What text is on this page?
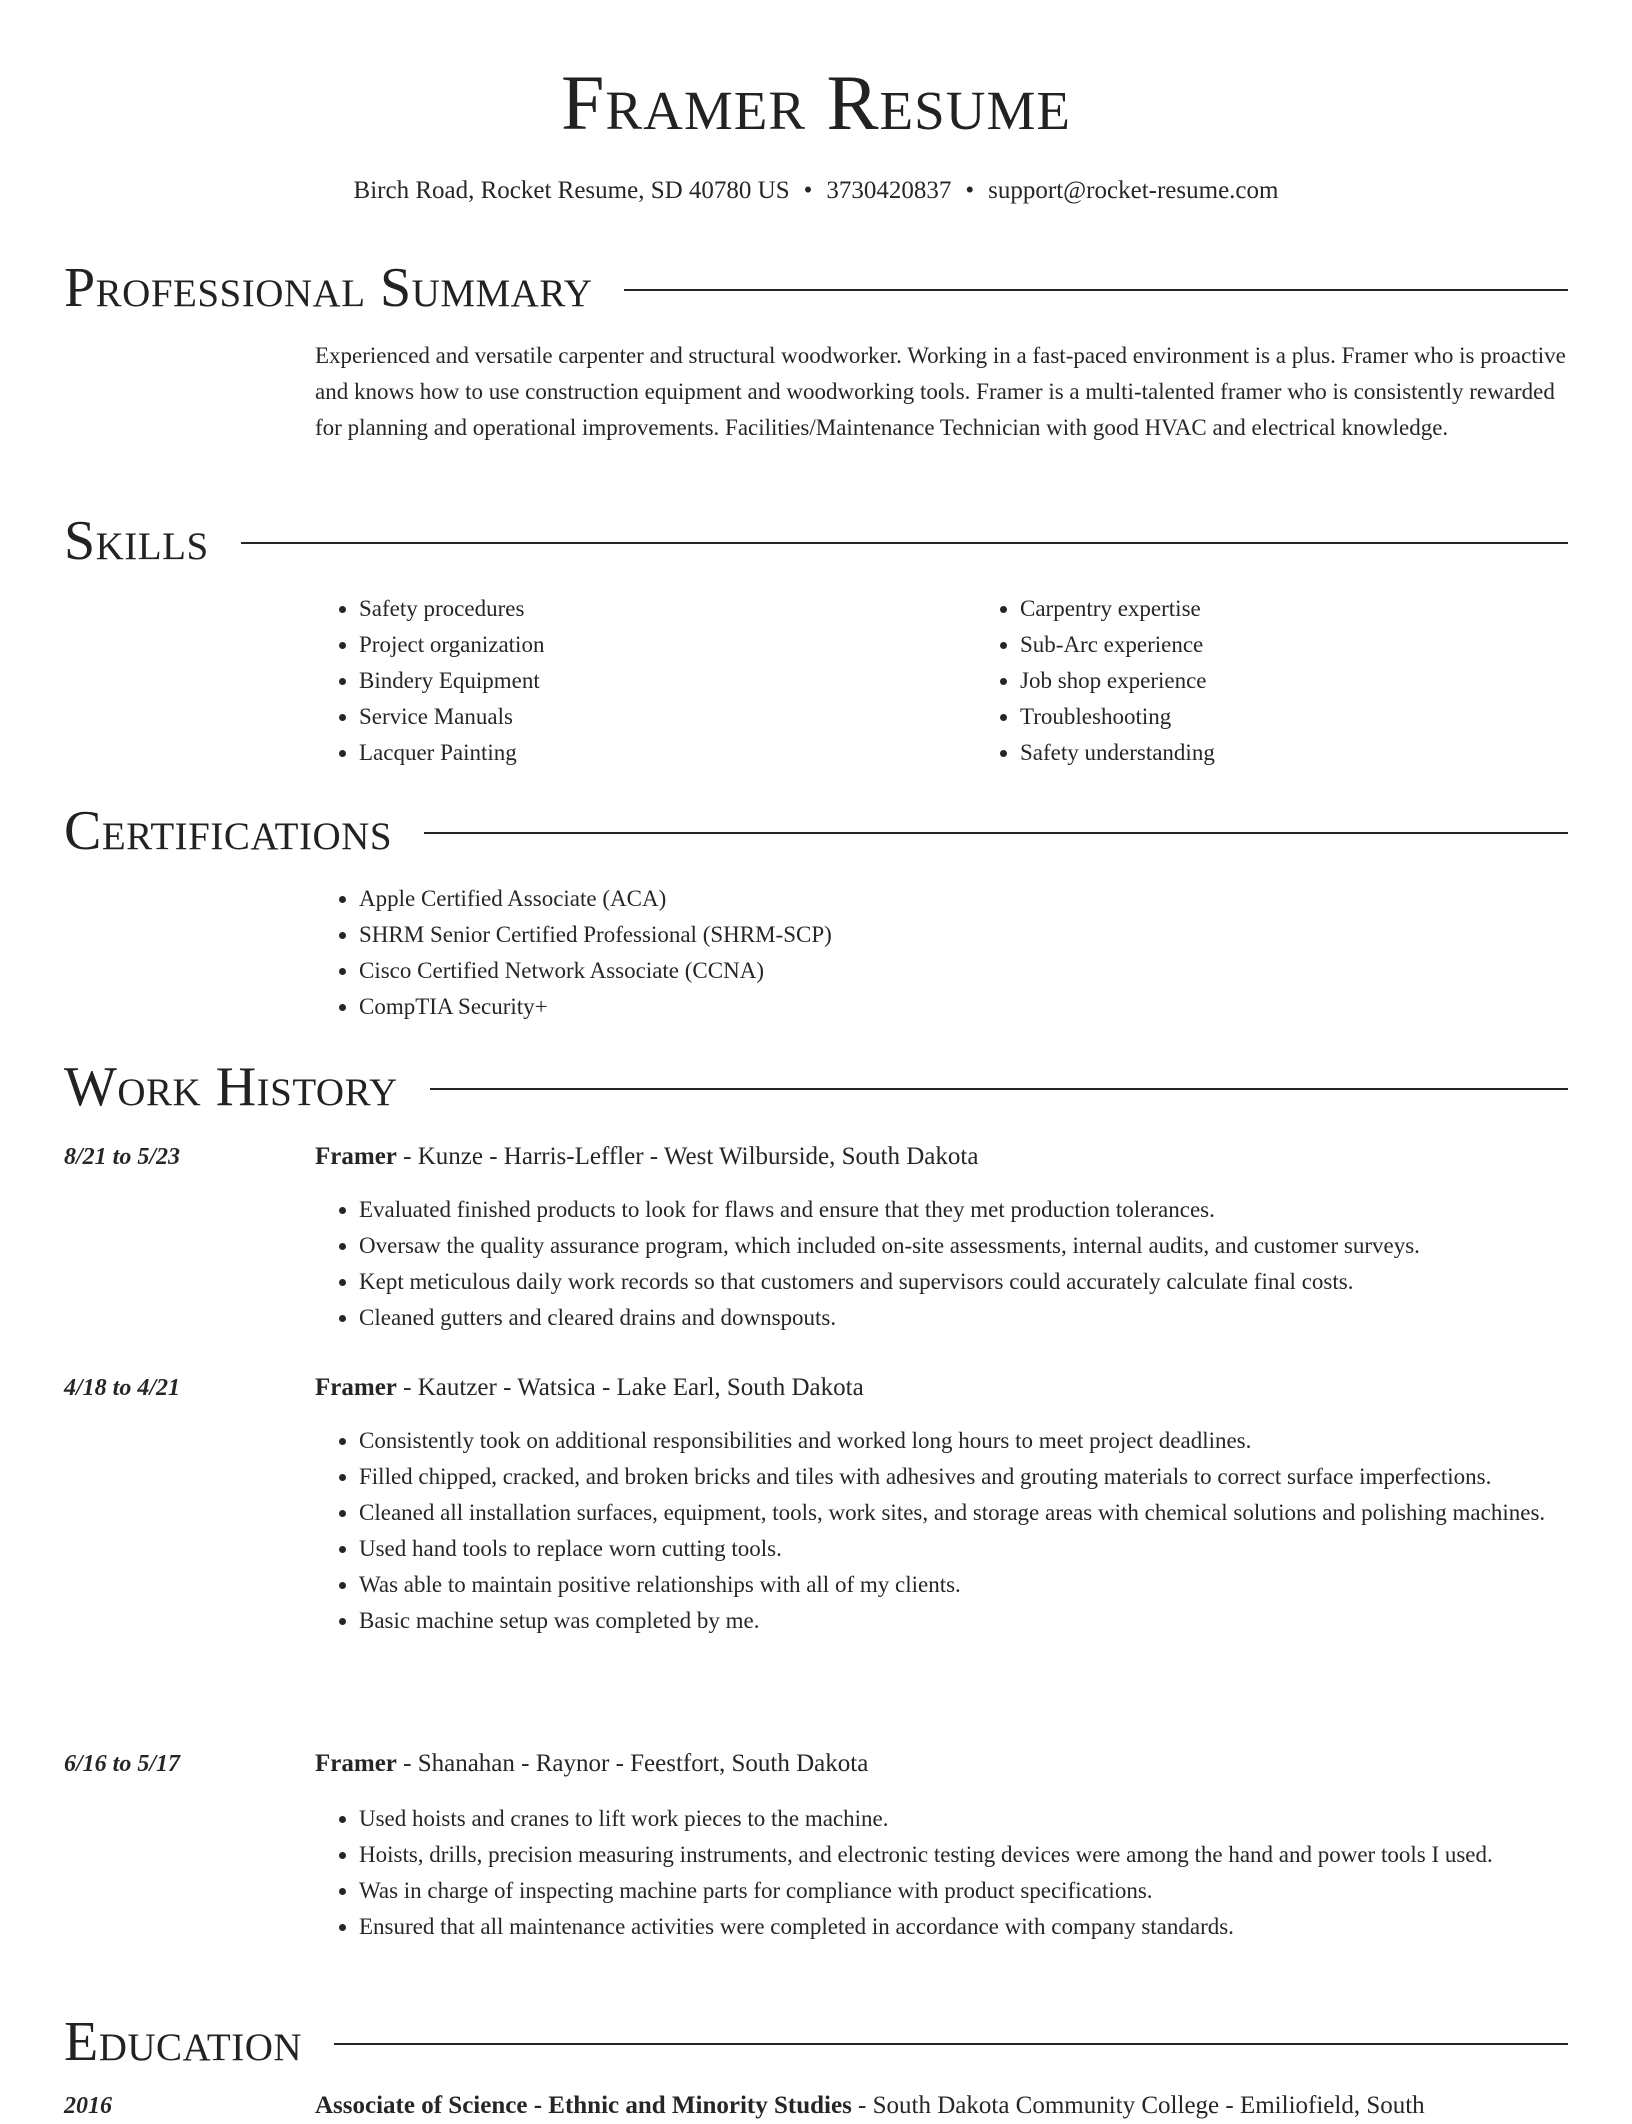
Framer Resume
Birch Road, Rocket Resume, SD 40780 US • 3730420837 • support@rocket-resume.com
Professional Summary
Experienced and versatile carpenter and structural woodworker. Working in a fast-paced environment is a plus. Framer who is proactive and knows how to use construction equipment and woodworking tools. Framer is a multi-talented framer who is consistently rewarded for planning and operational improvements. Facilities/Maintenance Technician with good HVAC and electrical knowledge.
Skills
• Safety procedures
• Project organization
• Bindery Equipment
• Service Manuals
• Lacquer Painting
• Carpentry expertise
• Sub-Arc experience
• Job shop experience
• Troubleshooting
• Safety understanding
Certifications
• Apple Certified Associate (ACA)
• SHRM Senior Certified Professional (SHRM-SCP)
• Cisco Certified Network Associate (CCNA)
• CompTIA Security+
Work History
8/21 to 5/23	Framer - Kunze - Harris-Leffler - West Wilburside, South Dakota
• Evaluated finished products to look for flaws and ensure that they met production tolerances.
• Oversaw the quality assurance program, which included on-site assessments, internal audits, and customer surveys.
• Kept meticulous daily work records so that customers and supervisors could accurately calculate final costs.
• Cleaned gutters and cleared drains and downspouts.
4/18 to 4/21	Framer - Kautzer - Watsica - Lake Earl, South Dakota
• Consistently took on additional responsibilities and worked long hours to meet project deadlines.
• Filled chipped, cracked, and broken bricks and tiles with adhesives and grouting materials to correct surface imperfections.
• Cleaned all installation surfaces, equipment, tools, work sites, and storage areas with chemical solutions and polishing machines.
• Used hand tools to replace worn cutting tools.
• Was able to maintain positive relationships with all of my clients.
• Basic machine setup was completed by me.
6/16 to 5/17	Framer - Shanahan - Raynor - Feestfort, South Dakota
• Used hoists and cranes to lift work pieces to the machine.
• Hoists, drills, precision measuring instruments, and electronic testing devices were among the hand and power tools I used.
• Was in charge of inspecting machine parts for compliance with product specifications.
• Ensured that all maintenance activities were completed in accordance with company standards.
Education
2016	Associate of Science - Ethnic and Minority Studies - South Dakota Community College - Emiliofield, South
